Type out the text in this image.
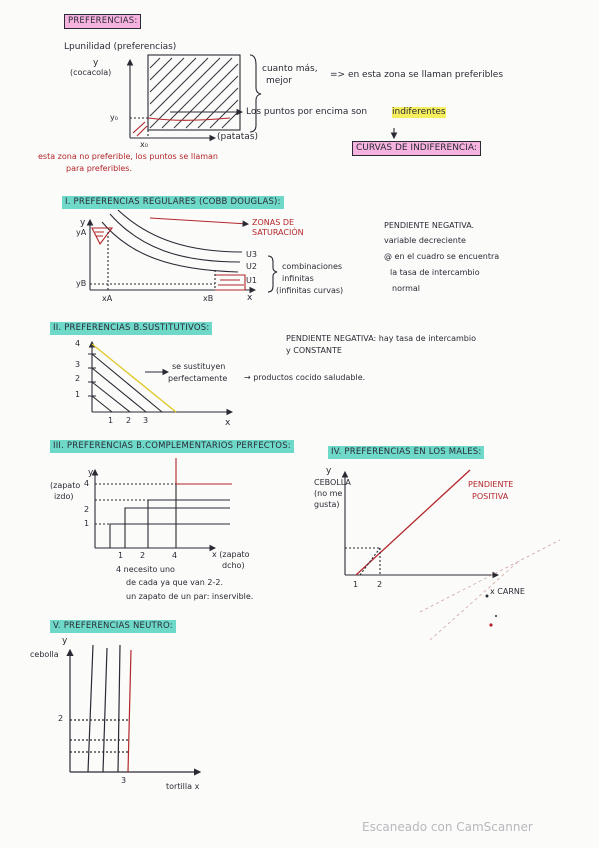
PREFERENCIAS:
Lpunilidad (preferencias)
y
(cocacola)
y₀
x₀
(patatas)
cuanto más,
mejor
=> en esta zona se llaman preferibles
Los puntos por encima son	indiferentes
esta zona no preferible, los puntos se llaman
para preferibles.
CURVAS DE INDIFERENCIA:
I. PREFERENCIAS REGULARES (COBB DOUGLAS):
y
yA
yB
xA	xB	x
ZONAS DE
SATURACIÓN
U3
U2
U1
combinaciones
infinitas
(infinitas curvas)
PENDIENTE NEGATIVA.
variable decreciente
@ en el cuadro se encuentra
la tasa de intercambio
normal
II. PREFERENCIAS B.SUSTITUTIVOS:
4
3
2
1
1 2 3	x
se sustituyen
perfectamente → productos cocido saludable.
PENDIENTE NEGATIVA: hay tasa de intercambio
y CONSTANTE
III. PREFERENCIAS B.COMPLEMENTARIOS PERFECTOS:
y
(zapato
izdo)
4
2
1
1 2	4	x (zapato
dcho)
4 necesito uno
de cada ya que van 2-2.
un zapato de un par: inservible.
IV. PREFERENCIAS EN LOS MALES:
y
CEBOLLA
(no me
gusta)
PENDIENTE
POSITIVA
1 2
x CARNE
V. PREFERENCIAS NEUTRO:
y
cebolla
2
3
tortilla x
Escaneado con CamScanner
